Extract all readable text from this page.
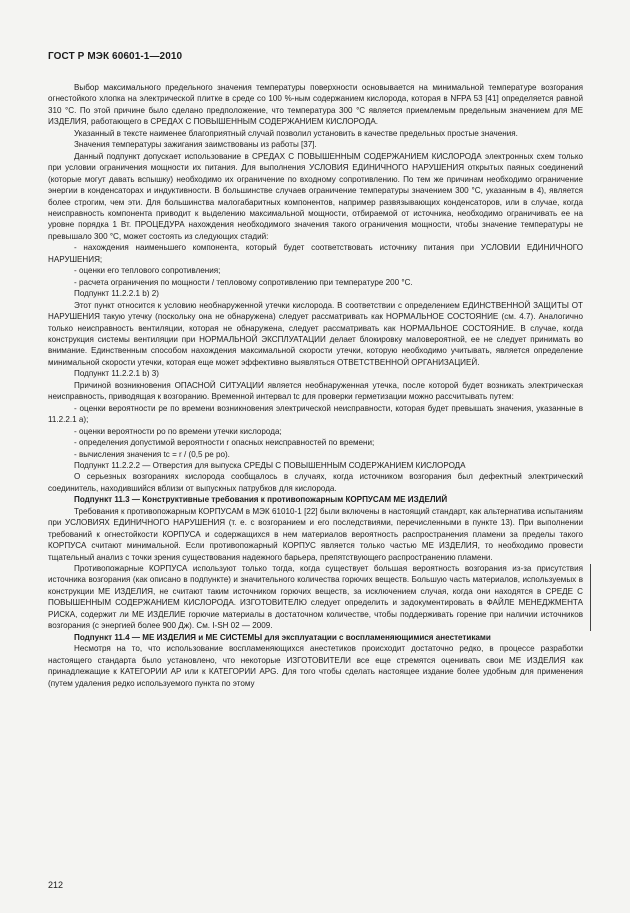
ГОСТ Р МЭК 60601-1—2010

Выбор максимального предельного значения температуры поверхности основывается на минимальной температуре возгорания огнестойкого хлопка на электрической плитке в среде со 100 %-ным содержанием кислорода, которая в NFPA 53 [41] определяется равной 310 °С. По этой причине было сделано предположение, что температура 300 °С является приемлемым предельным значением для МЕ ИЗДЕЛИЯ, работающего в СРЕДАХ С ПОВЫШЕННЫМ СОДЕРЖАНИЕМ КИСЛОРОДА.

Указанный в тексте наименее благоприятный случай позволил установить в качестве предельных простые значения.

Значения температуры зажигания заимствованы из работы [37].

Данный подпункт допускает использование в СРЕДАХ С ПОВЫШЕННЫМ СОДЕРЖАНИЕМ КИСЛОРОДА электронных схем только при условии ограничения мощности их питания. Для выполнения УСЛОВИЯ ЕДИНИЧНОГО НАРУШЕНИЯ открытых паяных соединений (которые могут давать вспышку) необходимо их ограничение по входному сопротивлению. По тем же причинам необходимо ограничение энергии в конденсаторах и индуктивности. В большинстве случаев ограничение температуры значением 300 °С, указанным в 4), является более строгим, чем эти. Для большинства малогабаритных компонентов, например развязывающих конденсаторов, или в случае, когда неисправность компонента приводит к выделению максимальной мощности, отбираемой от источника, необходимо ограничивать ее на уровне порядка 1 Вт. ПРОЦЕДУРА нахождения необходимого значения такого ограничения мощности, чтобы значение температуры не превышало 300 °С, может состоять из следующих стадий:

- нахождения наименьшего компонента, который будет соответствовать источнику питания при УСЛОВИИ ЕДИНИЧНОГО НАРУШЕНИЯ;

- оценки его теплового сопротивления;

- расчета ограничения по мощности / тепловому сопротивлению при температуре 200 °С.

Подпункт 11.2.2.1 b) 2)

Этот пункт относится к условию необнаруженной утечки кислорода. В соответствии с определением ЕДИНСТВЕННОЙ ЗАЩИТЫ ОТ НАРУШЕНИЯ такую утечку (поскольку она не обнаружена) следует рассматривать как НОРМАЛЬНОЕ СОСТОЯНИЕ (см. 4.7). Аналогично только неисправность вентиляции, которая не обнаружена, следует рассматривать как НОРМАЛЬНОЕ СОСТОЯНИЕ. В случае, когда конструкция системы вентиляции при НОРМАЛЬНОЙ ЭКСПЛУАТАЦИИ делает блокировку маловероятной, ее не следует принимать во внимание. Единственным способом нахождения максимальной скорости утечки, которую необходимо учитывать, является определение минимальной скорости утечки, которая еще может эффективно выявляться ОТВЕТСТВЕННОЙ ОРГАНИЗАЦИЕЙ.

Подпункт 11.2.2.1 b) 3)

Причиной возникновения ОПАСНОЙ СИТУАЦИИ является необнаруженная утечка, после которой будет возникать электрическая неисправность, приводящая к возгоранию. Временной интервал tc для проверки герметизации можно рассчитывать путем:

- оценки вероятности pe по времени возникновения электрической неисправности, которая будет превышать значения, указанные в 11.2.2.1 а);

- оценки вероятности po по времени утечки кислорода;

- определения допустимой вероятности r опасных неисправностей по времени;

- вычисления значения tc = r / (0,5 pe po).

Подпункт 11.2.2.2 — Отверстия для выпуска СРЕДЫ С ПОВЫШЕННЫМ СОДЕРЖАНИЕМ КИСЛОРОДА

О серьезных возгораниях кислорода сообщалось в случаях, когда источником возгорания был дефектный электрический соединитель, находившийся вблизи от выпускных патрубков для кислорода.

Подпункт 11.3 — Конструктивные требования к противопожарным КОРПУСАМ МЕ ИЗДЕЛИЙ

Требования к противопожарным КОРПУСАМ в МЭК 61010-1 [22] были включены в настоящий стандарт, как альтернатива испытаниям при УСЛОВИЯХ ЕДИНИЧНОГО НАРУШЕНИЯ (т. е. с возгоранием и его последствиями, перечисленными в пункте 13). При выполнении требований к огнестойкости КОРПУСА и содержащихся в нем материалов вероятность распространения пламени за пределы такого КОРПУСА считают минимальной. Если противопожарный КОРПУС является только частью МЕ ИЗДЕЛИЯ, то необходимо провести тщательный анализ с точки зрения существования надежного барьера, препятствующего распространению пламени.

Противопожарные КОРПУСА используют только тогда, когда существует большая вероятность возгорания из-за присутствия источника возгорания (как описано в подпункте) и значительного количества горючих веществ. Большую часть материалов, используемых в конструкции МЕ ИЗДЕЛИЯ, не считают таким источником горючих веществ, за исключением случая, когда они находятся в СРЕДЕ С ПОВЫШЕННЫМ СОДЕРЖАНИЕМ КИСЛОРОДА. ИЗГОТОВИТЕЛЮ следует определить и задокументировать в ФАЙЛЕ МЕНЕДЖМЕНТА РИСКА, содержит ли МЕ ИЗДЕЛИЕ горючие материалы в достаточном количестве, чтобы поддерживать горение при наличии источников возгорания (с энергией более 900 Дж). См. I-SH 02 — 2009.

Подпункт 11.4 — МЕ ИЗДЕЛИЯ и МЕ СИСТЕМЫ для эксплуатации с воспламеняющимися анестетиками

Несмотря на то, что использование воспламеняющихся анестетиков происходит достаточно редко, в процессе разработки настоящего стандарта было установлено, что некоторые ИЗГОТОВИТЕЛИ все еще стремятся оценивать свои МЕ ИЗДЕЛИЯ как принадлежащие к КАТЕГОРИИ АР или к КАТЕГОРИИ APG. Для того чтобы сделать настоящее издание более удобным для применения (путем удаления редко используемого пункта по этому

212
